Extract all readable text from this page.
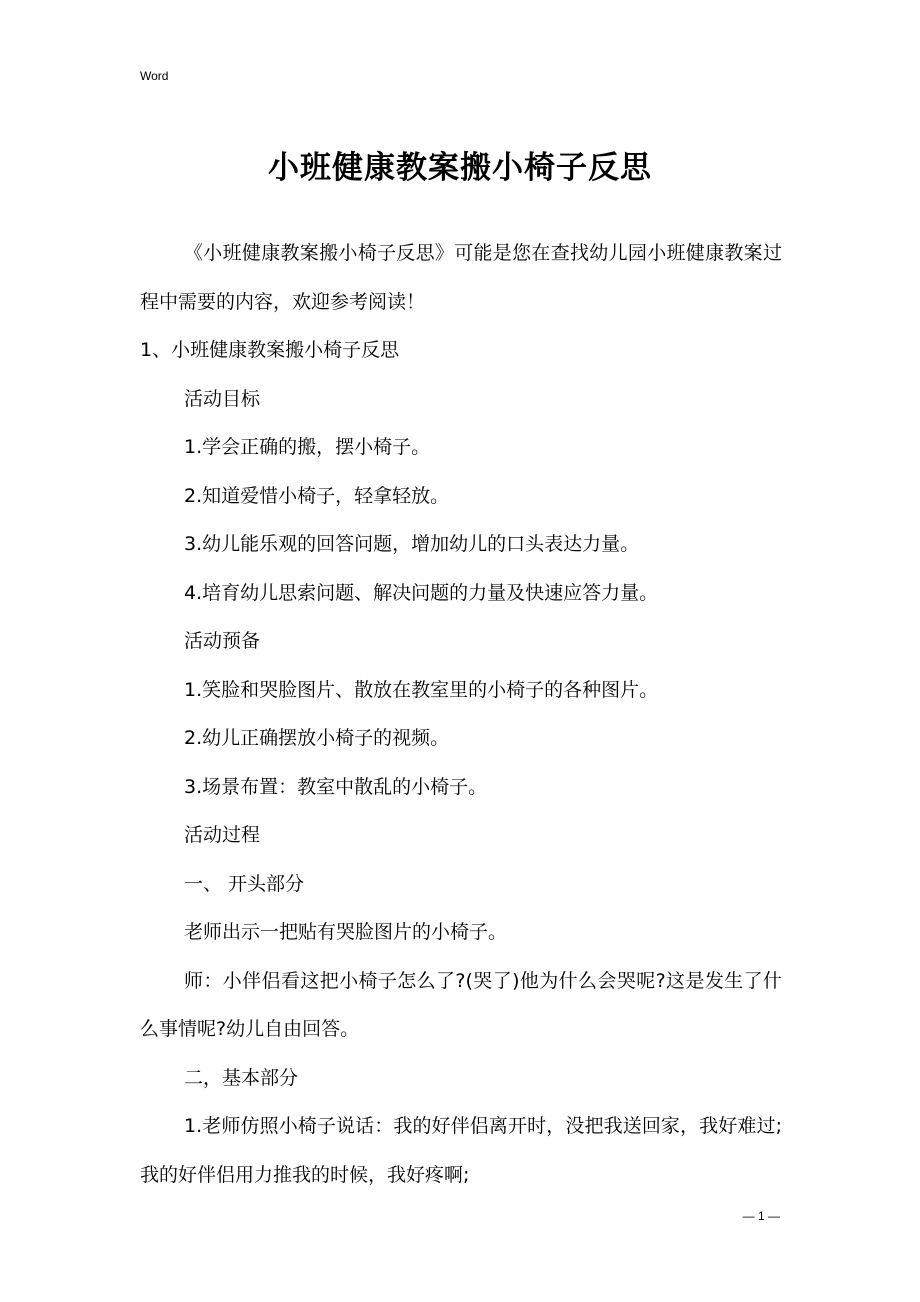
Word
小班健康教案搬小椅子反思

《小班健康教案搬小椅子反思》可能是您在查找幼儿园小班健康教案过程中需要的内容，欢迎参考阅读！

1、小班健康教案搬小椅子反思

活动目标

1.学会正确的搬，摆小椅子。

2.知道爱惜小椅子，轻拿轻放。

3.幼儿能乐观的回答问题，增加幼儿的口头表达力量。

4.培育幼儿思索问题、解决问题的力量及快速应答力量。

活动预备

1.笑脸和哭脸图片、散放在教室里的小椅子的各种图片。

2.幼儿正确摆放小椅子的视频。

3.场景布置：教室中散乱的小椅子。

活动过程

一、 开头部分

老师出示一把贴有哭脸图片的小椅子。

师：小伴侣看这把小椅子怎么了?(哭了)他为什么会哭呢?这是发生了什么事情呢?幼儿自由回答。

二，基本部分

1.老师仿照小椅子说话：我的好伴侣离开时，没把我送回家，我好难过;我的好伴侣用力推我的时候，我好疼啊;

— 1 —
